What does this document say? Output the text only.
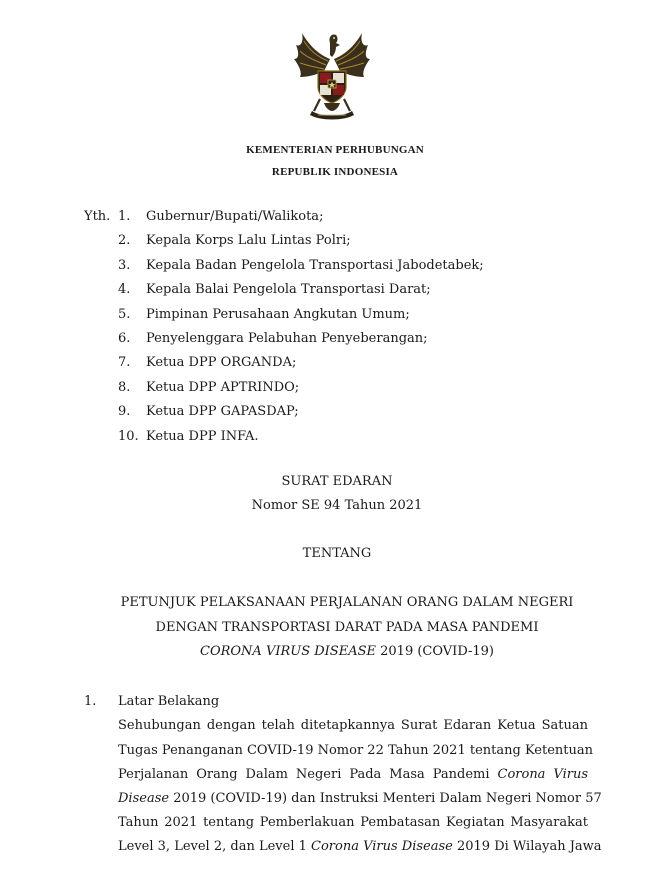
KEMENTERIAN PERHUBUNGAN
REPUBLIK INDONESIA
Yth. 1.	Gubernur/Bupati/Walikota;
2.	Kepala Korps Lalu Lintas Polri;
3.	Kepala Badan Pengelola Transportasi Jabodetabek;
4.	Kepala Balai Pengelola Transportasi Darat;
5.	Pimpinan Perusahaan Angkutan Umum;
6.	Penyelenggara Pelabuhan Penyeberangan;
7.	Ketua DPP ORGANDA;
8.	Ketua DPP APTRINDO;
9.	Ketua DPP GAPASDAP;
10. Ketua DPP INFA.
SURAT EDARAN
Nomor SE 94 Tahun 2021
TENTANG
PETUNJUK PELAKSANAAN PERJALANAN ORANG DALAM NEGERI
DENGAN TRANSPORTASI DARAT PADA MASA PANDEMI
CORONA VIRUS DISEASE 2019 (COVID-19)
1. Latar Belakang
Sehubungan dengan telah ditetapkannya Surat Edaran Ketua Satuan
Tugas Penanganan COVID-19 Nomor 22 Tahun 2021 tentang Ketentuan
Perjalanan Orang Dalam Negeri Pada Masa Pandemi Corona Virus
Disease 2019 (COVID-19) dan Instruksi Menteri Dalam Negeri Nomor 57
Tahun 2021 tentang Pemberlakuan Pembatasan Kegiatan Masyarakat
Level 3, Level 2, dan Level 1 Corona Virus Disease 2019 Di Wilayah Jawa
